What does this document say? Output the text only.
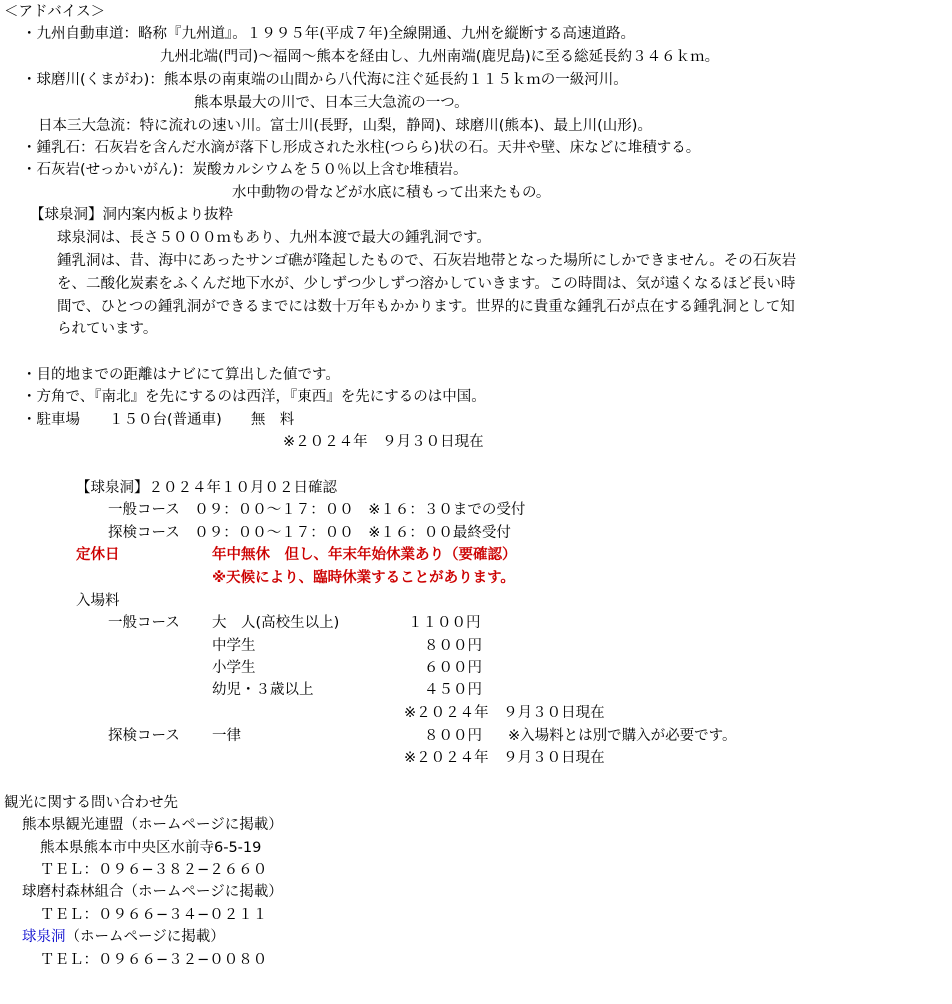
＜アドバイス＞
・九州自動車道：略称『九州道』。１９９５年(平成７年)全線開通、九州を縦断する高速道路。
九州北端(門司)〜福岡〜熊本を経由し、九州南端(鹿児島)に至る総延長約３４６ｋｍ。
・球磨川(くまがわ)：熊本県の南東端の山間から八代海に注ぐ延長約１１５ｋｍの一級河川。
熊本県最大の川で、日本三大急流の一つ。
日本三大急流：特に流れの速い川。富士川(長野，山梨，静岡)、球磨川(熊本)、最上川(山形)。
・鍾乳石：石灰岩を含んだ水滴が落下し形成された氷柱(つらら)状の石。天井や壁、床などに堆積する。
・石灰岩(せっかいがん)：炭酸カルシウムを５０％以上含む堆積岩。
水中動物の骨などが水底に積もって出来たもの。
【球泉洞】洞内案内板より抜粋
球泉洞は、長さ５０００ｍもあり、九州本渡で最大の鍾乳洞です。
鍾乳洞は、昔、海中にあったサンゴ礁が隆起したもので、石灰岩地帯となった場所にしかできません。その石灰岩
を、二酸化炭素をふくんだ地下水が、少しずつ少しずつ溶かしていきます。この時間は、気が遠くなるほど長い時
間で、ひとつの鍾乳洞ができるまでには数十万年もかかります。世界的に貴重な鍾乳石が点在する鍾乳洞として知
られています。
・目的地までの距離はナビにて算出した値です。
・方角で、『南北』を先にするのは西洋，『東西』を先にするのは中国。
・駐車場　　１５０台(普通車)　　無　料
※２０２４年　９月３０日現在
【球泉洞】２０２４年１０月０２日確認
一般コース　０９：００〜１７：００　※１６：３０までの受付
探検コース　０９：００〜１７：００　※１６：００最終受付
定休日	年中無休　但し、年末年始休業あり（要確認）
※天候により、臨時休業することがあります。
入場料
一般コース 大　人(高校生以上)	１１００円
中学生	８００円
小学生	６００円
幼児・３歳以上	４５０円
※２０２４年　９月３０日現在
探検コース 一律	８００円 ※入場料とは別で購入が必要です。
※２０２４年　９月３０日現在
観光に関する問い合わせ先
熊本県観光連盟（ホームページに掲載）
熊本県熊本市中央区水前寺6-5-19
ＴＥＬ：０９６−３８２−２６６０
球磨村森林組合（ホームページに掲載）
ＴＥＬ：０９６６−３４−０２１１
球泉洞（ホームページに掲載）
ＴＥＬ：０９６６−３２−００８０
